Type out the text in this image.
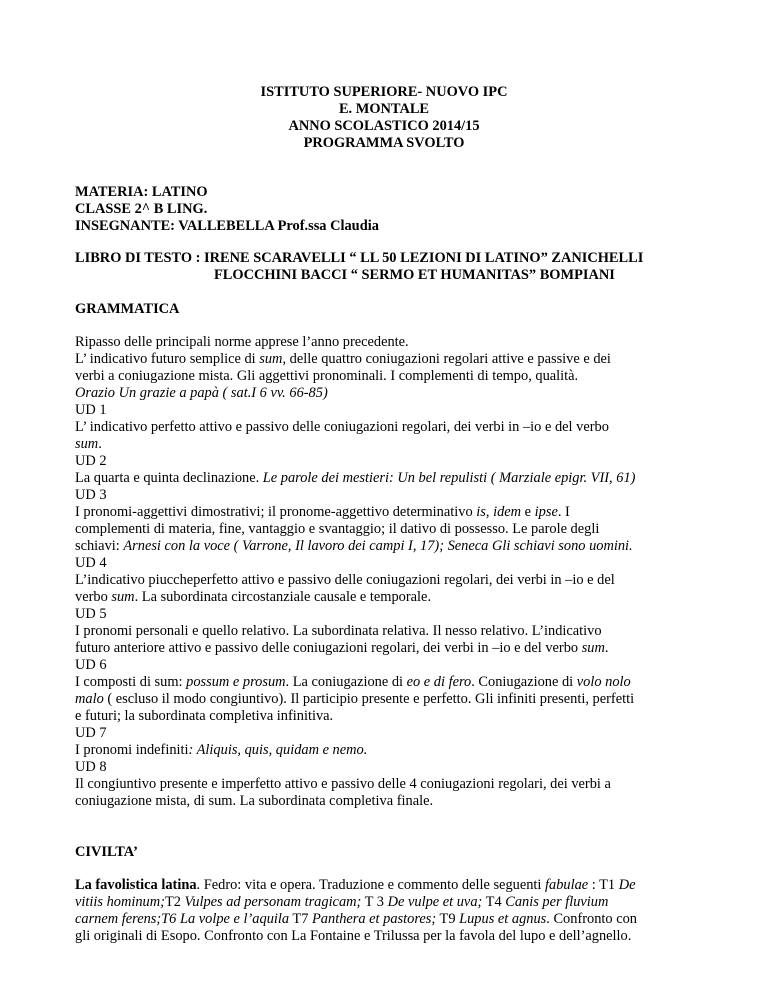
ISTITUTO SUPERIORE- NUOVO IPC
E. MONTALE
ANNO SCOLASTICO 2014/15
PROGRAMMA SVOLTO
MATERIA: LATINO
CLASSE 2^ B LING.
INSEGNANTE: VALLEBELLA Prof.ssa Claudia
LIBRO DI TESTO : IRENE SCARAVELLI “ LL 50 LEZIONI DI LATINO” ZANICHELLI
FLOCCHINI BACCI “ SERMO ET HUMANITAS” BOMPIANI
GRAMMATICA
Ripasso delle principali norme apprese l’anno precedente.
L’ indicativo futuro semplice di sum, delle quattro coniugazioni regolari attive e passive e dei
verbi a coniugazione mista. Gli aggettivi pronominali. I complementi di tempo, qualità.
Orazio Un grazie a papà ( sat.I 6 vv. 66-85)
UD 1
L’ indicativo perfetto attivo e passivo delle coniugazioni regolari, dei verbi in –io e del verbo
sum.
UD 2
La quarta e quinta declinazione. Le parole dei mestieri: Un bel repulisti ( Marziale epigr. VII, 61)
UD 3
I pronomi-aggettivi dimostrativi; il pronome-aggettivo determinativo is, idem e ipse. I
complementi di materia, fine, vantaggio e svantaggio; il dativo di possesso. Le parole degli
schiavi: Arnesi con la voce ( Varrone, Il lavoro dei campi I, 17); Seneca Gli schiavi sono uomini.
UD 4
L’indicativo piuccheperfetto attivo e passivo delle coniugazioni regolari, dei verbi in –io e del
verbo sum. La subordinata circostanziale causale e temporale.
UD 5
I pronomi personali e quello relativo. La subordinata relativa. Il nesso relativo. L’indicativo
futuro anteriore attivo e passivo delle coniugazioni regolari, dei verbi in –io e del verbo sum.
UD 6
I composti di sum: possum e prosum. La coniugazione di eo e di fero. Coniugazione di volo nolo
malo ( escluso il modo congiuntivo). Il participio presente e perfetto. Gli infiniti presenti, perfetti
e futuri; la subordinata completiva infinitiva.
UD 7
I pronomi indefiniti: Aliquis, quis, quidam e nemo.
UD 8
Il congiuntivo presente e imperfetto attivo e passivo delle 4 coniugazioni regolari, dei verbi a
coniugazione mista, di sum. La subordinata completiva finale.
CIVILTA’
La favolistica latina. Fedro: vita e opera. Traduzione e commento delle seguenti fabulae : T1 De
vitiis hominum;T2 Vulpes ad personam tragicam; T 3 De vulpe et uva; T4 Canis per fluvium
carnem ferens;T6 La volpe e l’aquila T7 Panthera et pastores; T9 Lupus et agnus. Confronto con
gli originali di Esopo. Confronto con La Fontaine e Trilussa per la favola del lupo e dell’agnello.
